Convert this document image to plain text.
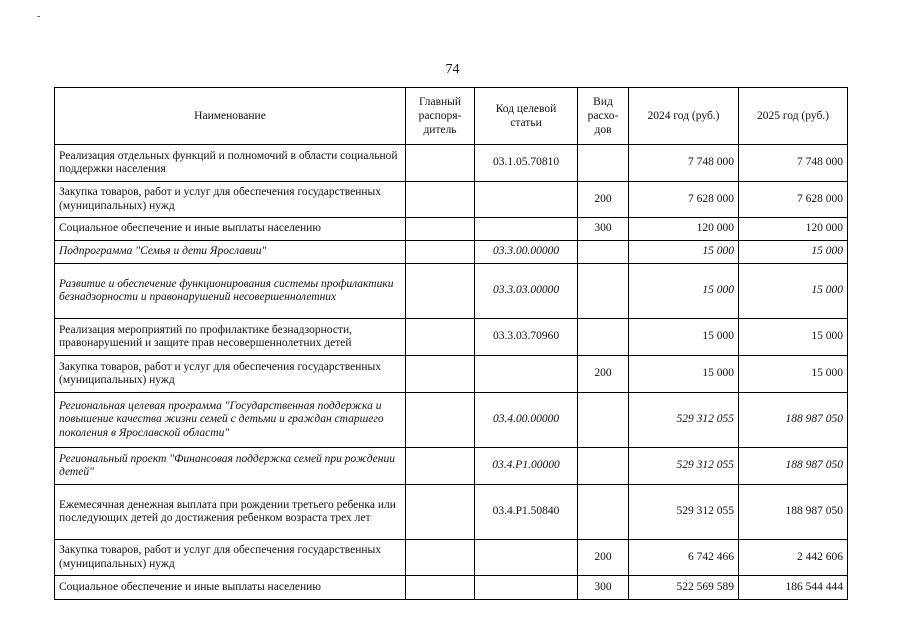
-
74
Наименование	Главный распоря-дитель	Код целевой статьи	Вид расхо-дов	2024 год (руб.)	2025 год (руб.)
Реализация отдельных функций и полномочий в области социальной поддержки населения		03.1.05.70810		7 748 000	7 748 000
Закупка товаров, работ и услуг для обеспечения государственных (муниципальных) нужд			200	7 628 000	7 628 000
Социальное обеспечение и иные выплаты населению			300	120 000	120 000
Подпрограмма "Семья и дети Ярославии"		03.3.00.00000		15 000	15 000
Развитие и обеспечение функционирования системы профилактики безнадзорности и правонарушений несовершеннолетних		03.3.03.00000		15 000	15 000
Реализация мероприятий по профилактике безнадзорности, правонарушений и защите прав несовершеннолетних детей		03.3.03.70960		15 000	15 000
Закупка товаров, работ и услуг для обеспечения государственных (муниципальных) нужд			200	15 000	15 000
Региональная целевая программа "Государственная поддержка и повышение качества жизни семей с детьми и граждан старшего поколения в Ярославской области"		03.4.00.00000		529 312 055	188 987 050
Региональный проект "Финансовая поддержка семей при рождении детей"		03.4.Р1.00000		529 312 055	188 987 050
Ежемесячная денежная выплата при рождении третьего ребенка или последующих детей до достижения ребенком возраста трех лет		03.4.Р1.50840		529 312 055	188 987 050
Закупка товаров, работ и услуг для обеспечения государственных (муниципальных) нужд			200	6 742 466	2 442 606
Социальное обеспечение и иные выплаты населению			300	522 569 589	186 544 444
